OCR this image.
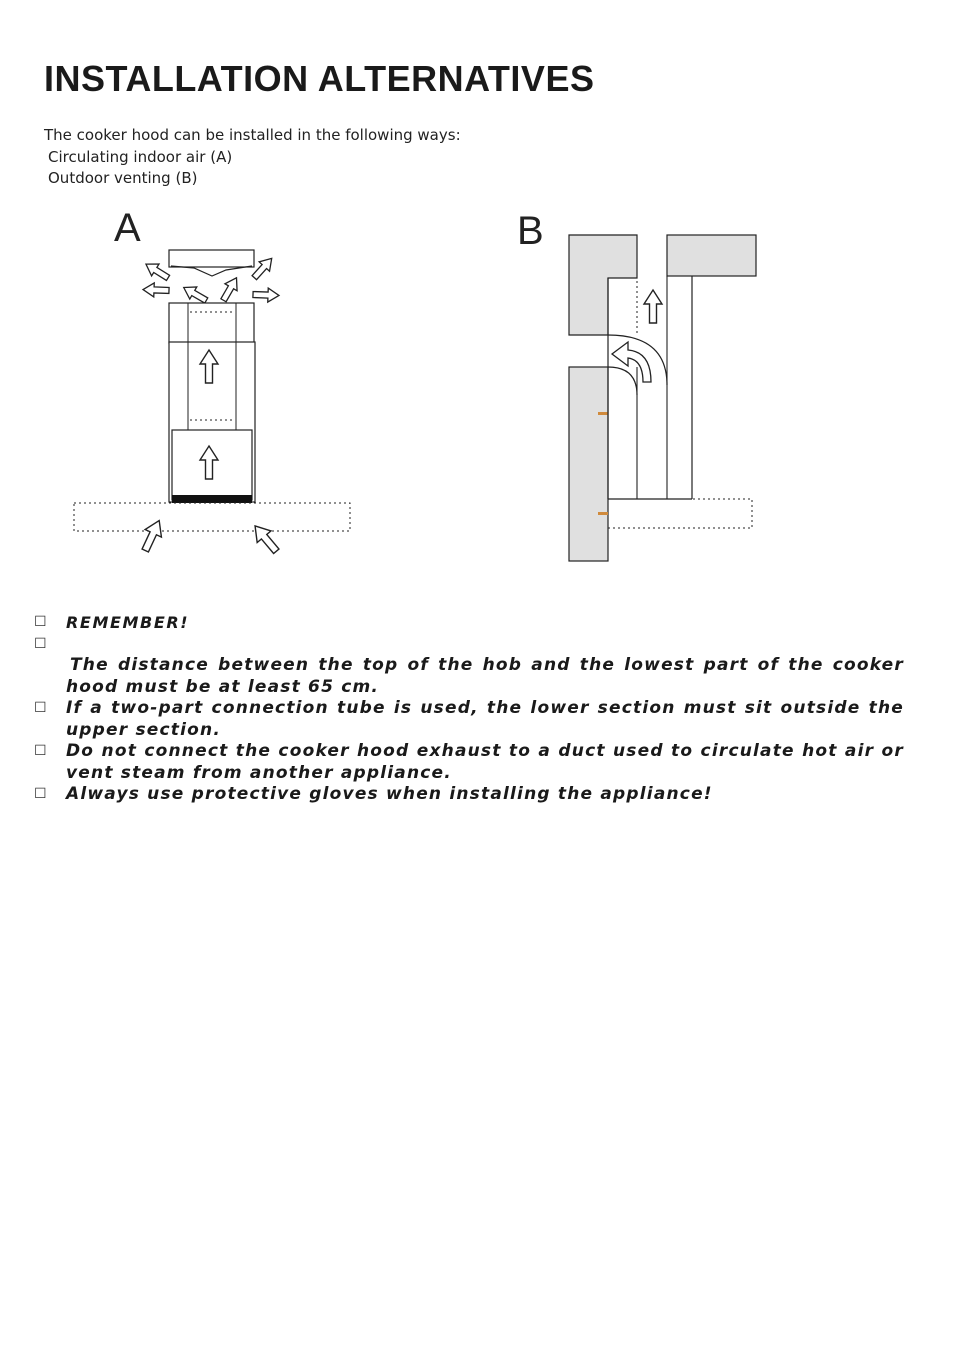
INSTALLATION ALTERNATIVES
The cooker hood can be installed in the following ways:
Circulating indoor air (A)
Outdoor venting (B)
A	B
☐	REMEMBER!
☐
The distance between the top of the hob and the lowest part of the cooker hood must be at least 65 cm.
☐	If a two-part connection tube is used, the lower section must sit outside the upper section.
☐	Do not connect the cooker hood exhaust to a duct used to circulate hot air or vent steam from another appliance.
☐	Always use protective gloves when installing the appliance!
